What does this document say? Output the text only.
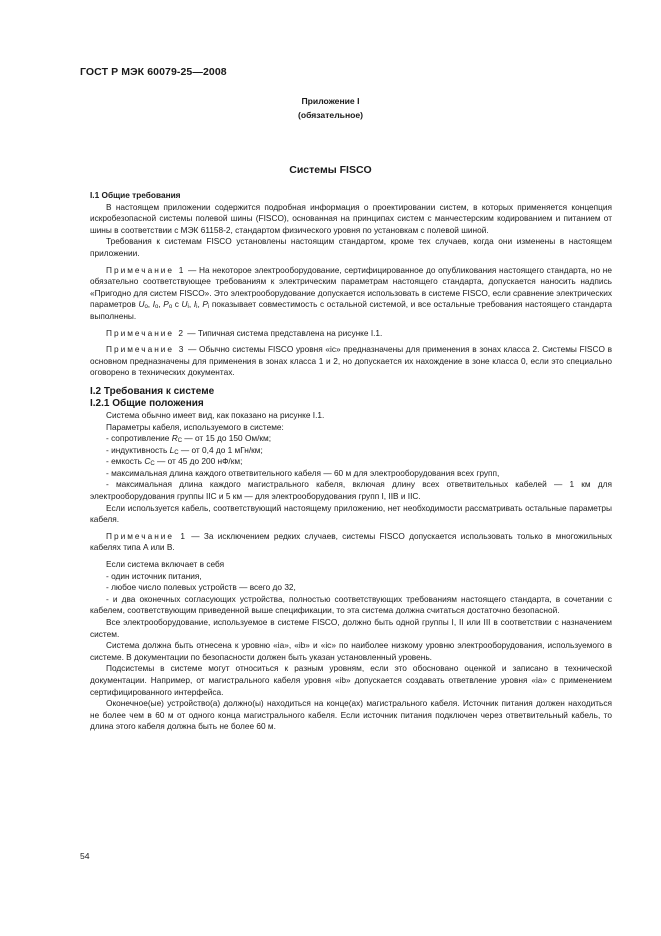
ГОСТ Р МЭК 60079-25—2008
Приложение I
(обязательное)
Системы FISCO

I.1 Общие требования

В настоящем приложении содержится подробная информация о проектировании систем, в которых применяется концепция искробезопасной системы полевой шины (FISCO), основанная на принципах систем с манчестерским кодированием и питанием от шины в соответствии с МЭК 61158-2, стандартом физического уровня по установкам с полевой шиной.

Требования к системам FISCO установлены настоящим стандартом, кроме тех случаев, когда они изменены в настоящем приложении.

Примечание 1 — На некоторое электрооборудование, сертифицированное до опубликования настоящего стандарта, но не обязательно соответствующее требованиям к электрическим параметрам настоящего стандарта, допускается наносить надпись «Пригодно для систем FISCO». Это электрооборудование допускается использовать в системе FISCO, если сравнение электрических параметров $U_o$, $I_o$, $P_o$ с $U_i$, $I_i$, $P_i$ показывает совместимость с остальной системой, и все остальные требования настоящего стандарта выполнены.

Примечание 2 — Типичная система представлена на рисунке I.1.

Примечание 3 — Обычно системы FISCO уровня «ic» предназначены для применения в зонах класса 2. Системы FISCO в основном предназначены для применения в зонах класса 1 и 2, но допускается их нахождение в зоне класса 0, если это специально оговорено в технических документах.

I.2 Требования к системе

I.2.1 Общие положения

Система обычно имеет вид, как показано на рисунке I.1.

Параметры кабеля, используемого в системе:

- сопротивление $R_C$ — от 15 до 150 Ом/км;

- индуктивность $L_C$ — от 0,4 до 1 мГн/км;

- емкость $C_C$ — от 45 до 200 нФ/км;

- максимальная длина каждого ответвительного кабеля — 60 м для электрооборудования всех групп,

- максимальная длина каждого магистрального кабеля, включая длину всех ответвительных кабелей — 1 км для электрооборудования группы IIC и 5 км — для электрооборудования групп I, IIB и IIC.

Если используется кабель, соответствующий настоящему приложению, нет необходимости рассматривать остальные параметры кабеля.

Примечание 1 — За исключением редких случаев, системы FISCO допускается использовать только в многожильных кабелях типа A или B.

Если система включает в себя

- один источник питания,

- любое число полевых устройств — всего до 32,

- и два оконечных согласующих устройства, полностью соответствующих требованиям настоящего стандарта, в сочетании с кабелем, соответствующим приведенной выше спецификации, то эта система должна считаться достаточно безопасной.

Все электрооборудование, используемое в системе FISCO, должно быть одной группы I, II или III в соответствии с назначением систем.

Система должна быть отнесена к уровню «ia», «ib» и «ic» по наиболее низкому уровню электрооборудования, используемого в системе. В документации по безопасности должен быть указан установленный уровень.

Подсистемы в системе могут относиться к разным уровням, если это обосновано оценкой и записано в технической документации. Например, от магистрального кабеля уровня «ib» допускается создавать ответвление уровня «ia» с применением сертифицированного интерфейса.

Оконечное(ые) устройство(а) должно(ы) находиться на конце(ах) магистрального кабеля. Источник питания должен находиться не более чем в 60 м от одного конца магистрального кабеля. Если источник питания подключен через ответвительный кабель, то длина этого кабеля должна быть не более 60 м.

54
